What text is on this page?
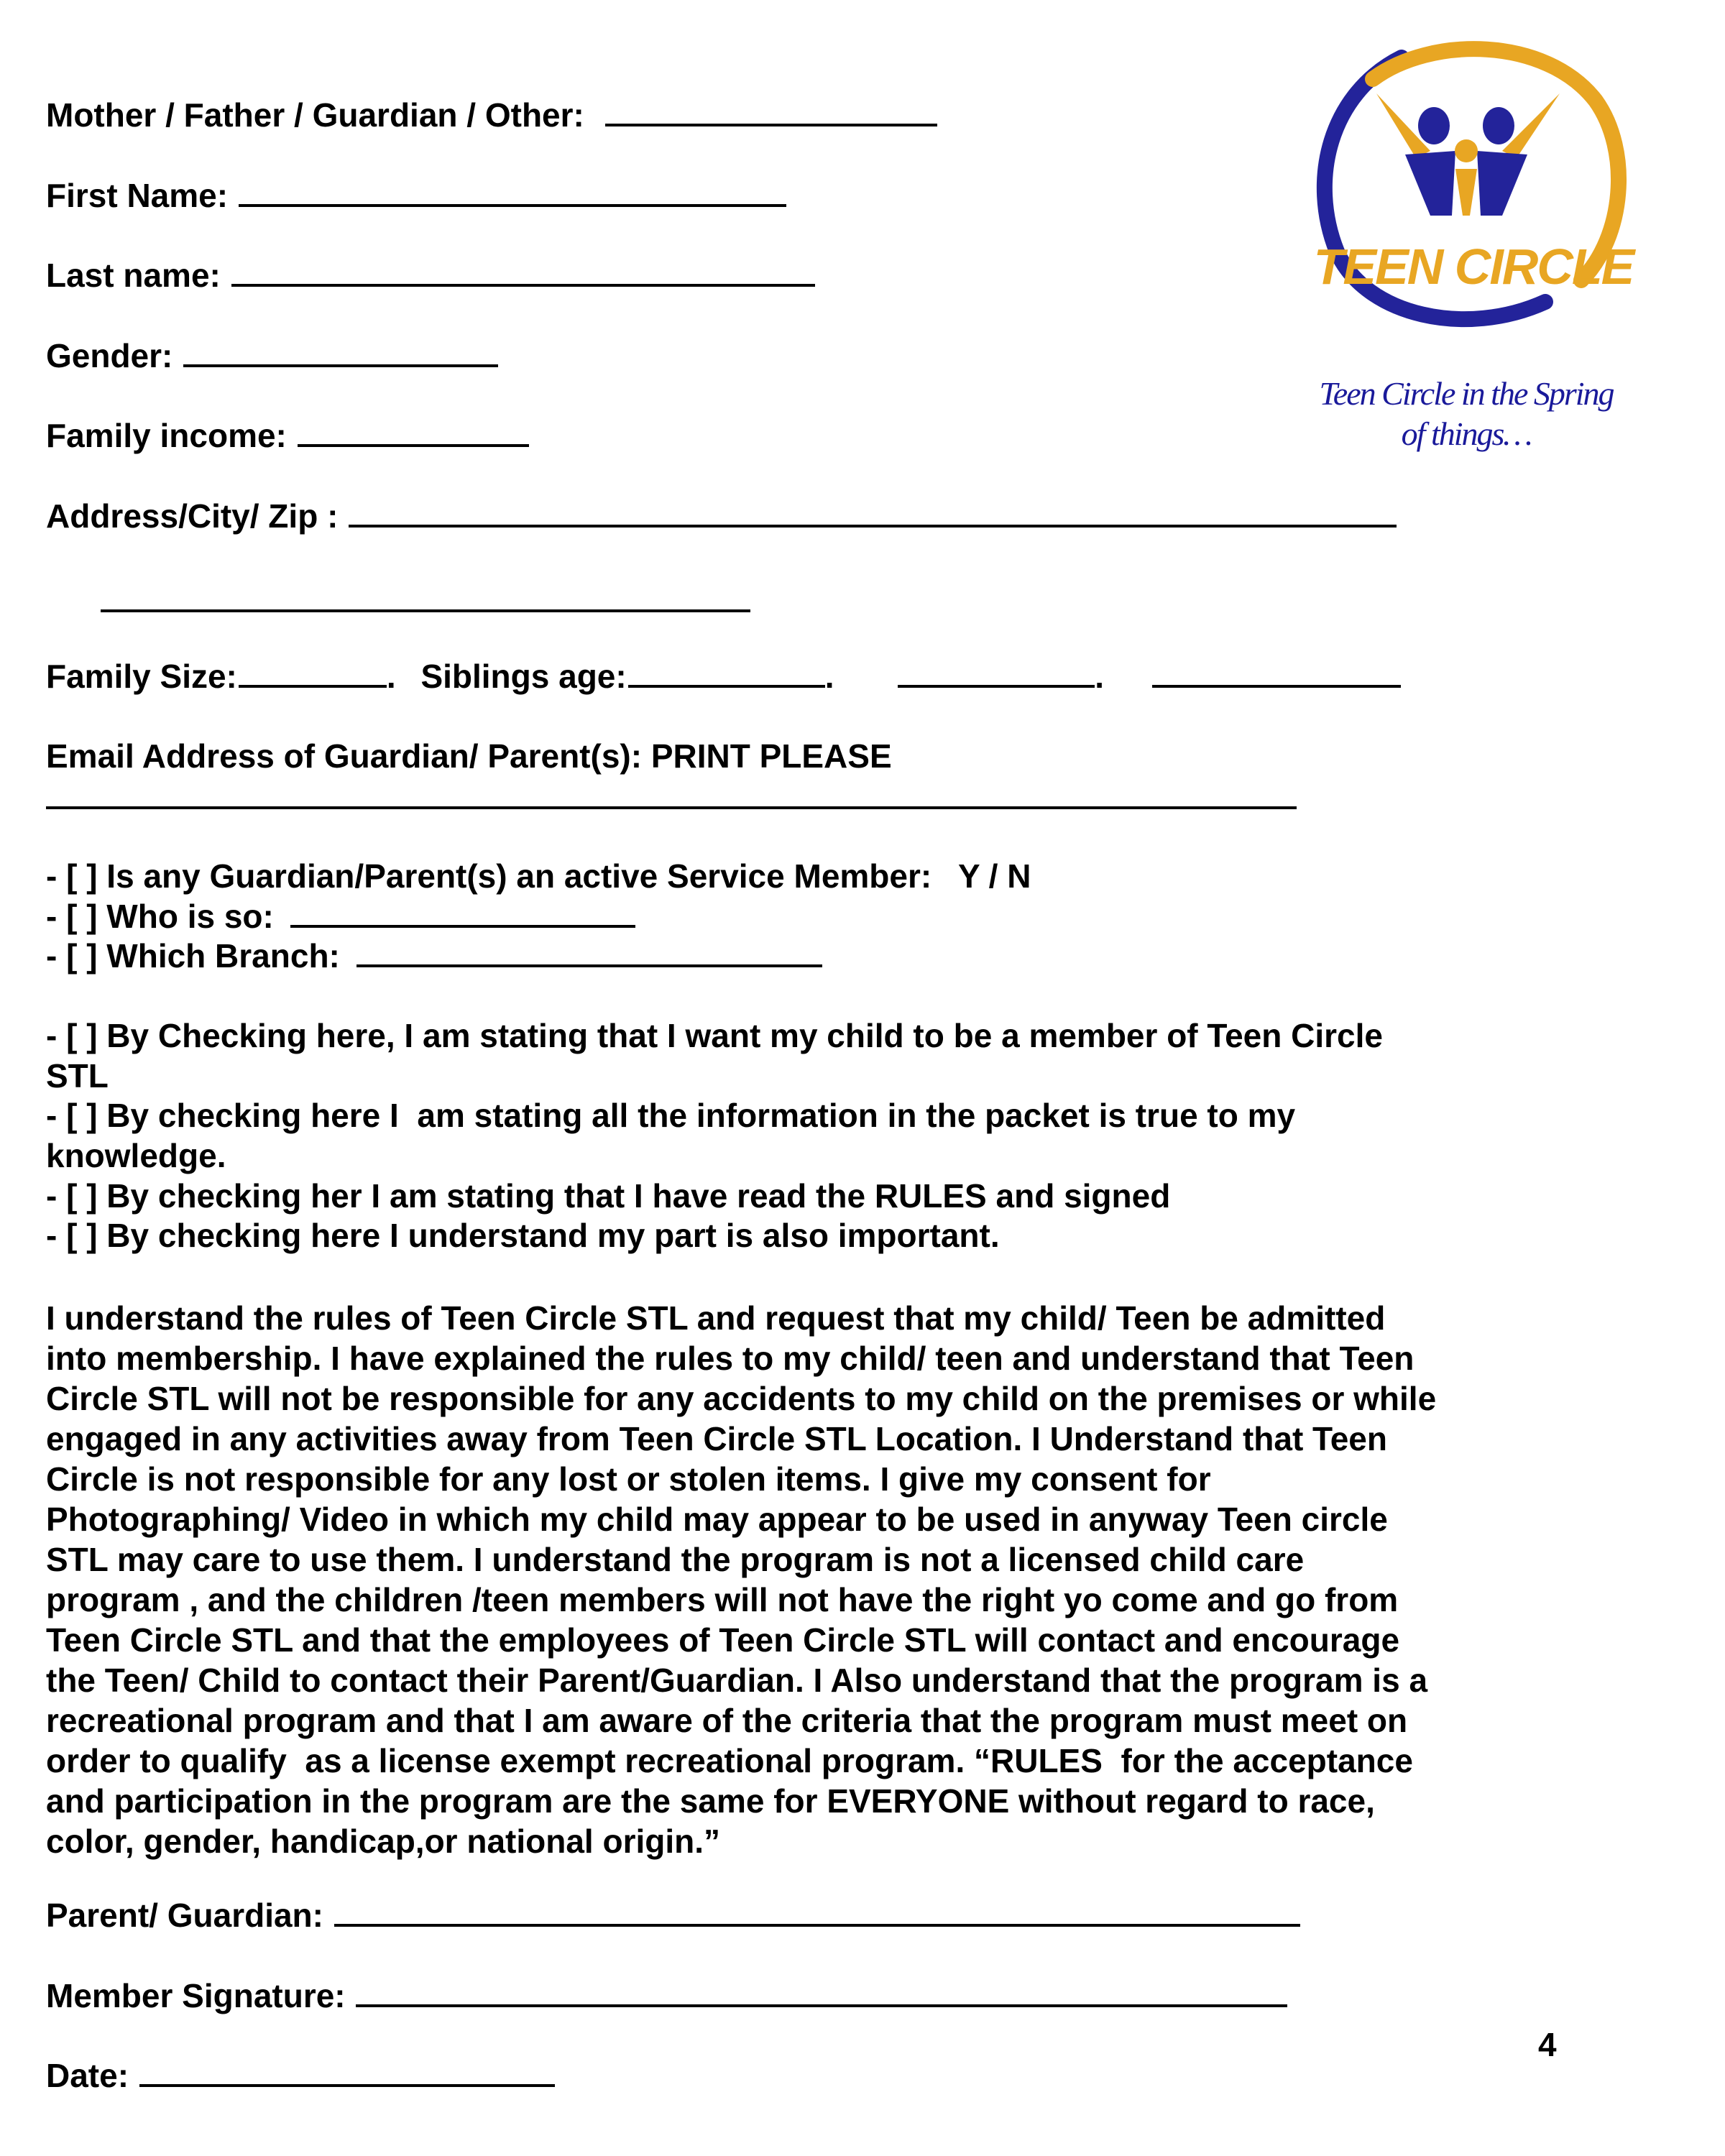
TEEN CIRCLE
Teen Circle in the Spring
of things…
Mother / Father / Guardian / Other:
First Name:
Last name:
Gender:
Family income:
Address/City/ Zip :
Family Size:	. Siblings age:	.	.
Email Address of Guardian/ Parent(s): PRINT PLEASE
- [ ] Is any Guardian/Parent(s) an active Service Member: Y / N
- [ ] Who is so:
- [ ] Which Branch:
- [ ] By Checking here, I am stating that I want my child to be a member of Teen Circle
STL
- [ ] By checking here I  am stating all the information in the packet is true to my
knowledge.
- [ ] By checking her I am stating that I have read the RULES and signed
- [ ] By checking here I understand my part is also important.
I understand the rules of Teen Circle STL and request that my child/ Teen be admitted
into membership. I have explained the rules to my child/ teen and understand that Teen
Circle STL will not be responsible for any accidents to my child on the premises or while
engaged in any activities away from Teen Circle STL Location. I Understand that Teen
Circle is not responsible for any lost or stolen items. I give my consent for
Photographing/ Video in which my child may appear to be used in anyway Teen circle
STL may care to use them. I understand the program is not a licensed child care
program , and the children /teen members will not have the right yo come and go from
Teen Circle STL and that the employees of Teen Circle STL will contact and encourage
the Teen/ Child to contact their Parent/Guardian. I Also understand that the program is a
recreational program and that I am aware of the criteria that the program must meet on
order to qualify  as a license exempt recreational program. “RULES  for the acceptance
and participation in the program are the same for EVERYONE without regard to race,
color, gender, handicap,or national origin.”
Parent/ Guardian:
Member Signature:
Date:
4
